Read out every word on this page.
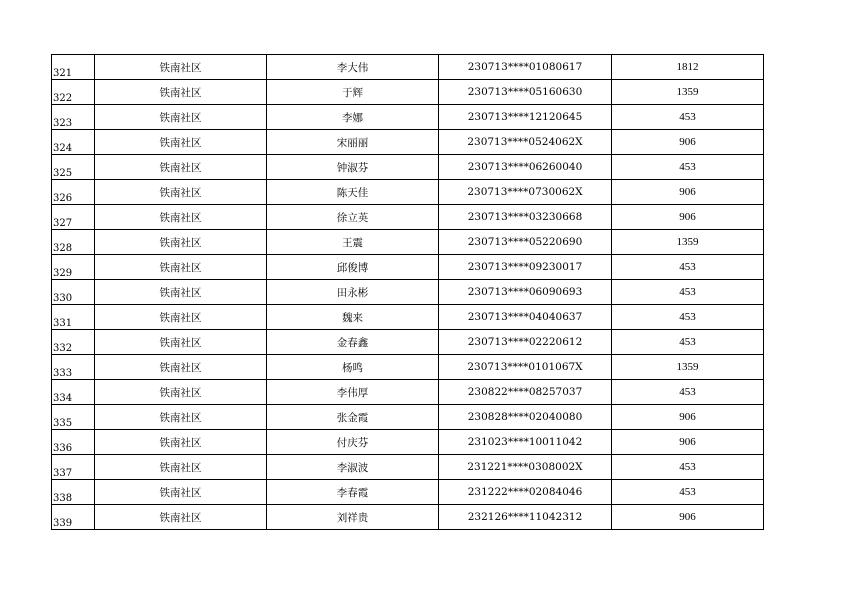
321	铁南社区	李大伟	230713****01080617	1812
322	铁南社区	于辉	230713****05160630	1359
323	铁南社区	李娜	230713****12120645	453
324	铁南社区	宋丽丽	230713****0524062X	906
325	铁南社区	钟淑芬	230713****06260040	453
326	铁南社区	陈天佳	230713****0730062X	906
327	铁南社区	徐立英	230713****03230668	906
328	铁南社区	王震	230713****05220690	1359
329	铁南社区	邱俊博	230713****09230017	453
330	铁南社区	田永彬	230713****06090693	453
331	铁南社区	魏来	230713****04040637	453
332	铁南社区	金春鑫	230713****02220612	453
333	铁南社区	杨鸣	230713****0101067X	1359
334	铁南社区	李伟厚	230822****08257037	453
335	铁南社区	张金霞	230828****02040080	906
336	铁南社区	付庆芬	231023****10011042	906
337	铁南社区	李淑波	231221****0308002X	453
338	铁南社区	李春霞	231222****02084046	453
339	铁南社区	刘祥贵	232126****11042312	906
